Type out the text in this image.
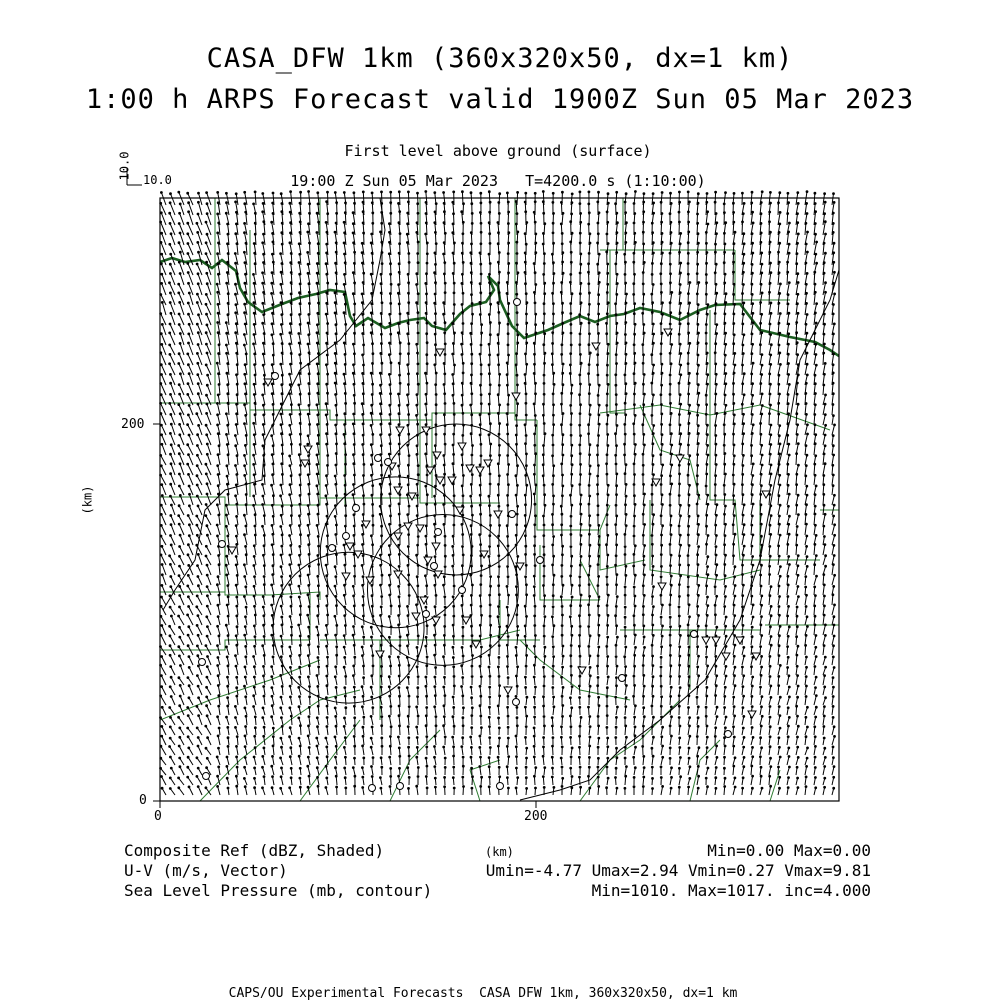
CASA_DFW 1km (360x320x50, dx=1 km)
1:00 h ARPS Forecast valid 1900Z Sun 05 Mar 2023
First level above ground (surface)
19:00 Z Sun 05 Mar 2023   T=4200.0 s (1:10:00)
10.0 10.0
0
200
0	200
(km)
(km)
Composite Ref (dBZ, Shaded)
U-V (m/s, Vector)
Sea Level Pressure (mb, contour)
Min=0.00 Max=0.00
Umin=-4.77 Umax=2.94 Vmin=0.27 Vmax=9.81
Min=1010. Max=1017. inc=4.000
CAPS/OU Experimental Forecasts  CASA DFW 1km, 360x320x50, dx=1 km
